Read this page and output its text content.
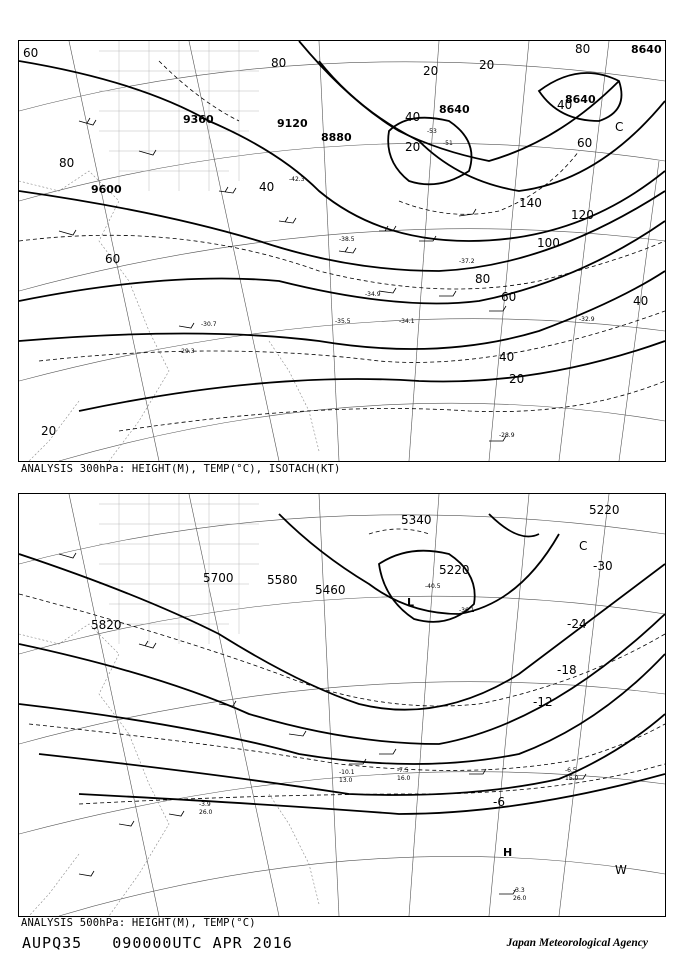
9360	9120
8880
8640
8640
8640
9600
60
80
40
20
20
140
120
100
80
60	40
40
20
20
60
80
80
40
60
20
40
-34.1
-35.5	-32.9
-28.9
-37.2
-34.9
-29.3
-30.7
-53
-51
-38.5
-42.3
C
ANALYSIS 300hPa: HEIGHT(M), TEMP(°C), ISOTACH(KT)
5220
5220
5460
5580
5700
5820
5340
-30
-24
-18
-12
-6
L
H
W
C
-7.5
16.0
-6.5
15.0
-10.1
13.0
-3.3
26.0
-3.9
26.0
-40.5
-36.1
ANALYSIS 500hPa: HEIGHT(M), TEMP(°C)
AUPQ35 090000UTC APR 2016	Japan Meteorological Agency
